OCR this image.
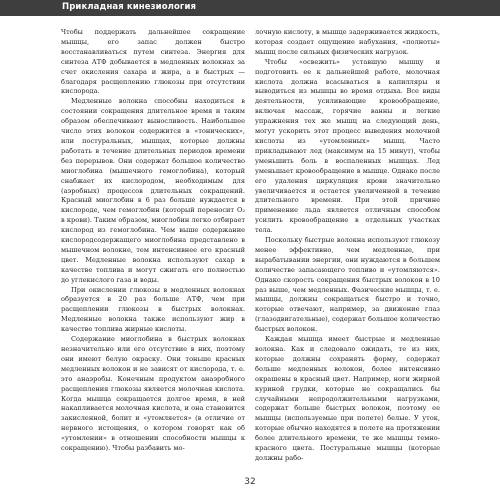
Прикладная кинезиология

Чтобы поддержать дальнейшее сокращение мышцы, его запас должен быстро восстанавливаться путем синтеза. Энергия для синтеза АТФ добывается в медленных волокнах за счет окисления сахара и жира, а в быстрых — благодаря расщеплению глюкозы при отсутствии кислорода.

Медленные волокна способны находиться в состоянии сокращения длительное время и таким образом обеспечивают выносливость. Наибольшее число этих волокон содержится в «тонических», или постуральных, мышцах, которые должны работать в течение длительных периодов времени без перерывов. Они содержат большое количество миоглобина (мышечного гемоглобина), который снабжает их кислородом, необходимым для (аэробных) процессов длительных сокращений. Красный миоглобин в 6 раз больше нуждается в кислороде, чем гемоглобин (который переносит O₂ в крови). Таким образом, миоглобин легко отбирает кислород из гемоглобина. Чем выше содержание кислородсодержащего миоглобина представлено в мышечном волокне, тем интенсивнее его красный цвет. Медленные волокна используют сахар в качестве топлива и могут сжигать его полностью до углекислого газа и воды.

При окислении глюкозы в медленных волокнах образуется в 20 раз больше АТФ, чем при расщеплении глюкозы в быстрых волокнах. Медленные волокна также используют жир в качестве топлива жирные кислоты.

Содержание миоглобина в быстрых волокнах незначительно или его отсутствие в них, поэтому они имеют белую окраску. Они тоньше красных медленных волокон и не зависят от кислорода, т. е. это анаэробы. Конечным продуктом анаэробного расщепления глюкозы является молочная кислота. Когда мышца сокращается долгое время, в ней накапливается молочная кислота, и она становится закисленной, болит и «утомляется» (в отличие от нервного истощения, о котором говорят как об «утомлении» в отношении способности мышцы к сокращению). Чтобы разбавить мо-

лочную кислоту, в мышце задерживается жидкость, которая создает ощущение набухания, «полноты» мышц после сильных физических нагрузок.

Чтобы «освежить» уставшую мышцу и подготовить ее к дальнейшей работе, молочная кислота должна всасываться в капилляры и выводиться из мышцы во время отдыха. Все виды деятельности, усиливающие кровообращение, включая массаж, горячие ванны и легкие упражнения тех же мышц на следующий день, могут ускорить этот процесс выведения молочной кислоты из «утомленных» мышц. Часто прикладывают лед (максимум на 15 минут), чтобы уменьшить боль в воспаленных мышцах. Лед уменьшает кровообращение в мышце. Однако после его удаления циркуляция крови значительно увеличивается и остается увеличенной в течение длительного времени. При этой причине применение льда является отличным способом усилить кровообращение в отдельных участках тела.

Поскольку быстрые волокна используют глюкозу менее эффективно, чем медленные, при вырабатывании энергии, они нуждаются в большем количестве запасающего топливо и «утомляются». Однако скорость сокращения быстрых волокон в 10 раз выше, чем медленных. Фазические мышцы, т. е. мышцы, должны сокращаться быстро и точно, которые отвечают, например, за движение глаз (глазодвигательные), содержат большое количество быстрых волокон.

Каждая мышца имеет быстрые и медленные волокна. Как и следовало ожидать, те из них, которые должны сохранять форму, содержат больше медленных волокон, более интенсивно окрашены в красный цвет. Например, ноги жирной куриной грудки, которые не сокращались бы случайными непродолжительными нагрузками, содержат больше быстрых волокон, поэтому ее мышцы (используемые при полете) белые. У уток, которые обычно находятся в полете на протяжении более длительного времени, те же мышцы темно-красного цвета. Постуральные мышцы (которые должны рабо-

32
